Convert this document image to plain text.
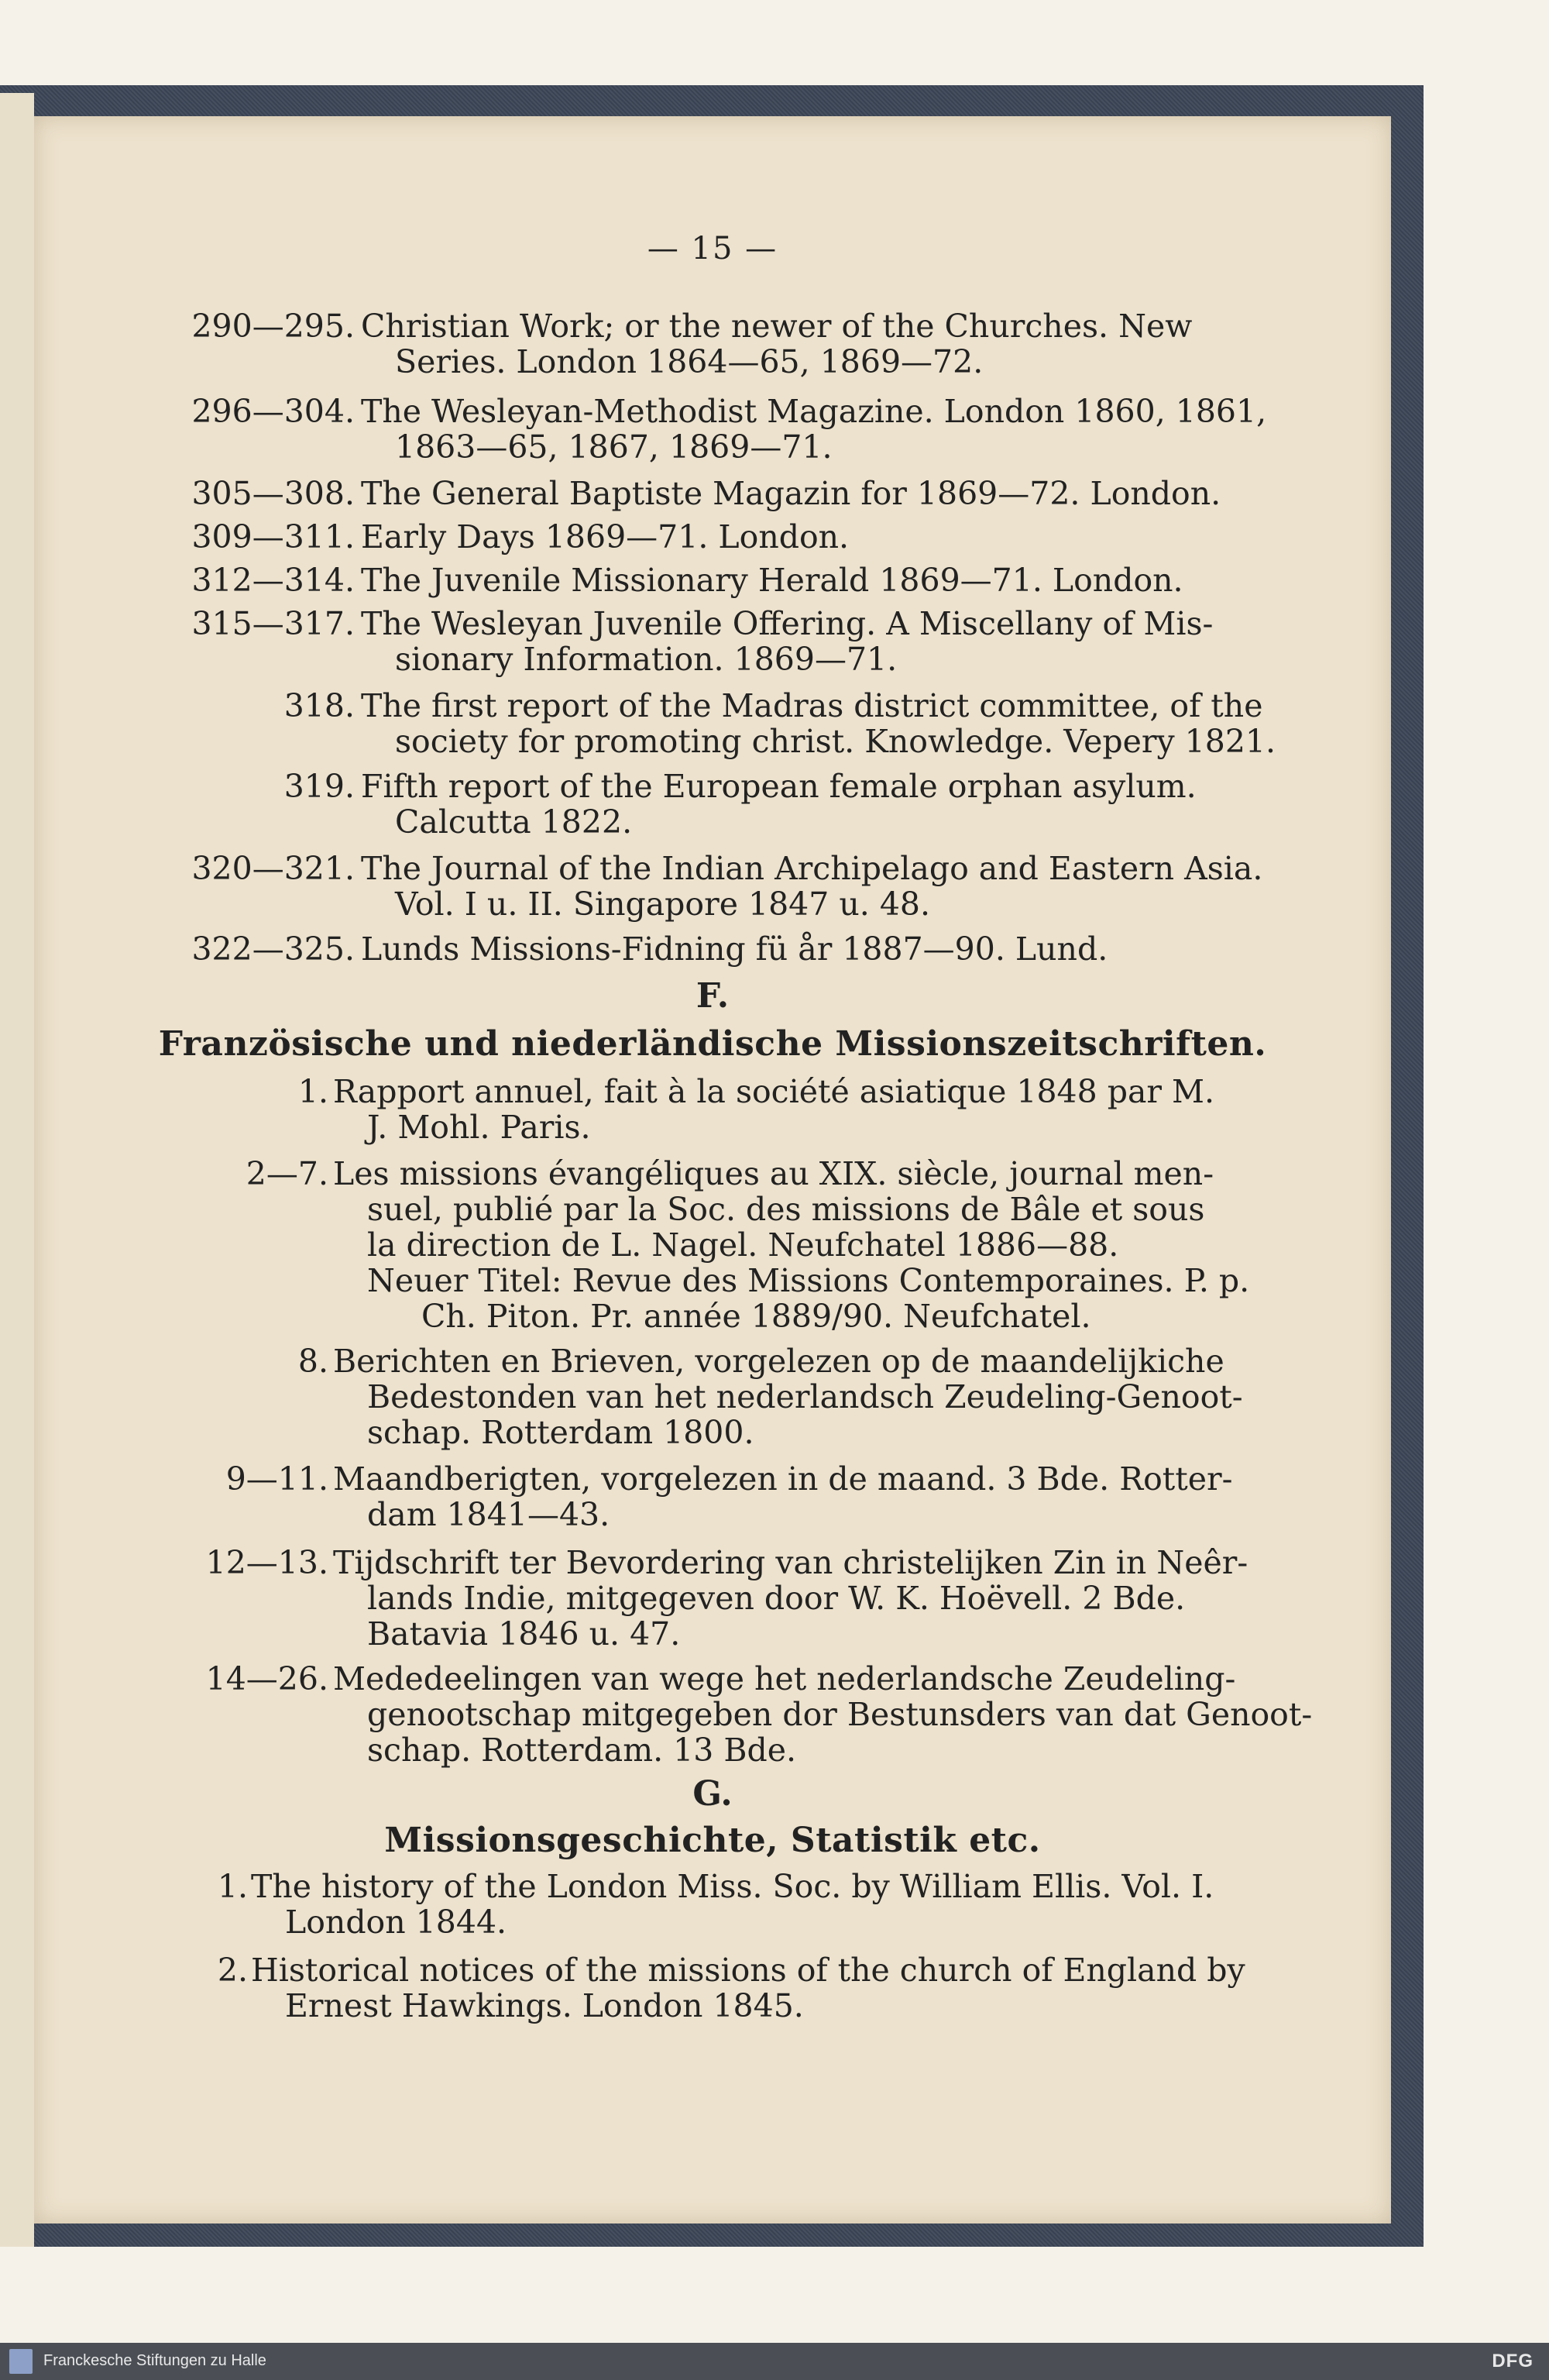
— 15 —
290—295. Christian Work; or the newer of the Churches. New
Series. London 1864—65, 1869—72.
296—304. The Wesleyan-Methodist Magazine. London 1860, 1861,
1863—65, 1867, 1869—71.
305—308. The General Baptiste Magazin for 1869—72. London.
309—311. Early Days 1869—71. London.
312—314. The Juvenile Missionary Herald 1869—71. London.
315—317. The Wesleyan Juvenile Offering. A Miscellany of Mis-
sionary Information. 1869—71.
318. The first report of the Madras district committee, of the
society for promoting christ. Knowledge. Vepery 1821.
319. Fifth report of the European female orphan asylum.
Calcutta 1822.
320—321. The Journal of the Indian Archipelago and Eastern Asia.
Vol. I u. II. Singapore 1847 u. 48.
322—325. Lunds Missions-Fidning fü år 1887—90. Lund.
1. Rapport annuel, fait à la société asiatique 1848 par M.
J. Mohl. Paris.
2—7. Les missions évangéliques au XIX. siècle, journal men-
suel, publié par la Soc. des missions de Bâle et sous
la direction de L. Nagel. Neufchatel 1886—88.
Neuer Titel: Revue des Missions Contemporaines. P. p.
Ch. Piton. Pr. année 1889/90. Neufchatel.
8. Berichten en Brieven, vorgelezen op de maandelijkiche
Bedestonden van het nederlandsch Zeudeling-Genoot-
schap. Rotterdam 1800.
9—11. Maandberigten, vorgelezen in de maand. 3 Bde. Rotter-
dam 1841—43.
12—13. Tijdschrift ter Bevordering van christelijken Zin in Neêr-
lands Indie, mitgegeven door W. K. Hoëvell. 2 Bde.
Batavia 1846 u. 47.
14—26. Mededeelingen van wege het nederlandsche Zeudeling-
genootschap mitgegeben dor Bestunsders van dat Genoot-
schap. Rotterdam. 13 Bde.
1. The history of the London Miss. Soc. by William Ellis. Vol. I.
London 1844.
2. Historical notices of the missions of the church of England by
Ernest Hawkings. London 1845.
F.
Französische und niederländische Missionszeitschriften.
G.
Missionsgeschichte, Statistik etc.
Franckesche Stiftungen zu Halle	DFG
